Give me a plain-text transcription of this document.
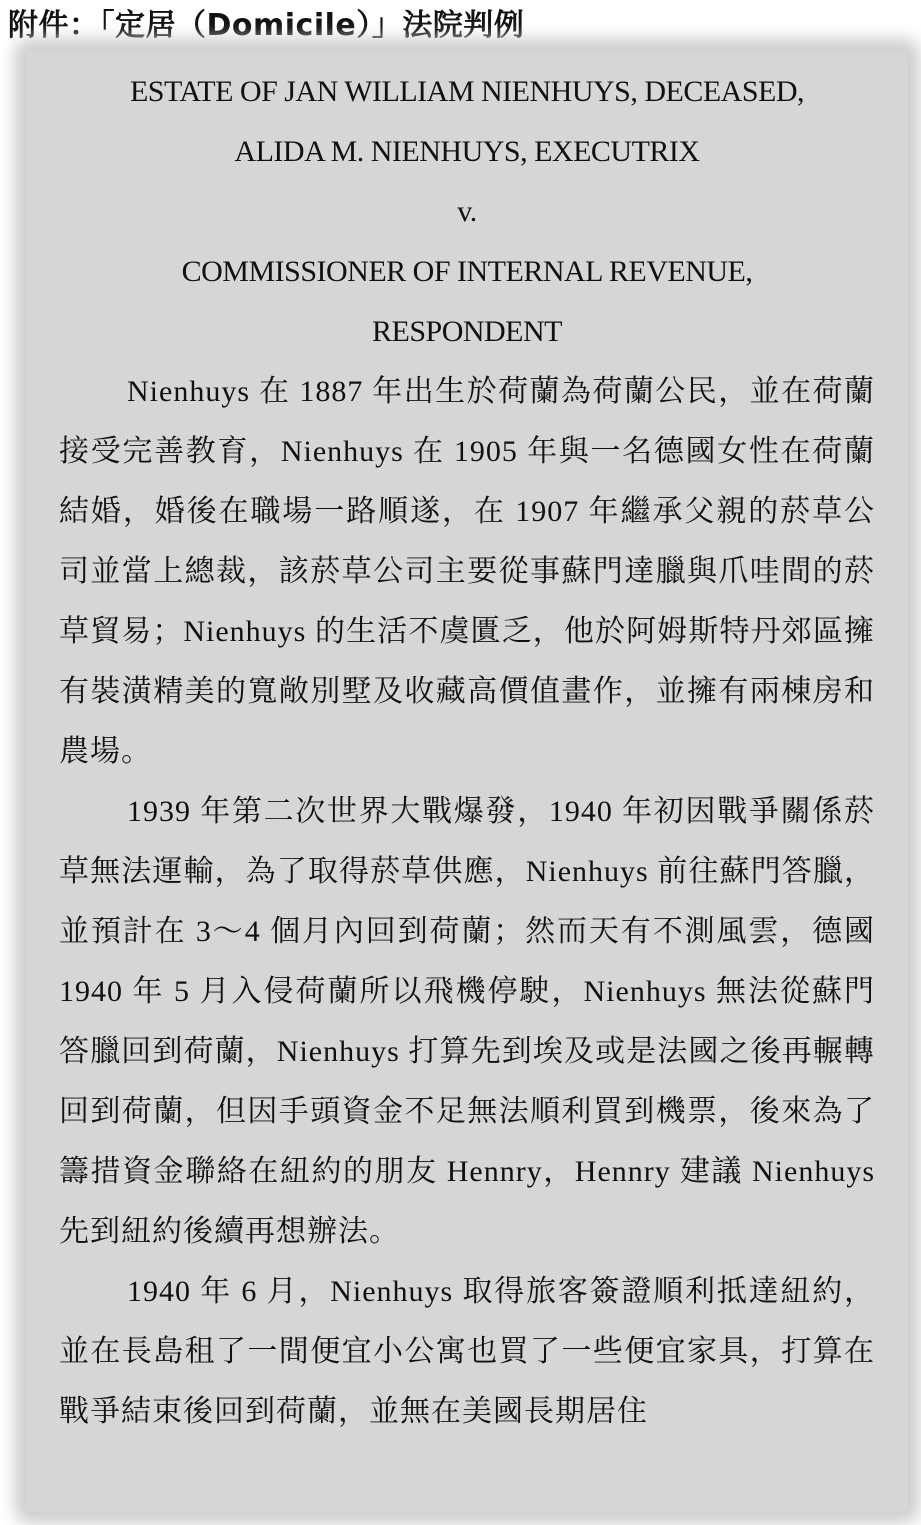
附件：「定居（Domicile）」法院判例
ESTATE OF JAN WILLIAM NIENHUYS, DECEASED,
ALIDA M. NIENHUYS, EXECUTRIX
v.
COMMISSIONER OF INTERNAL REVENUE,
RESPONDENT

Nienhuys 在 1887 年出生於荷蘭為荷蘭公民，並在荷蘭接受完善教育，Nienhuys 在 1905 年與一名德國女性在荷蘭結婚，婚後在職場一路順遂，在 1907 年繼承父親的菸草公司並當上總裁，該菸草公司主要從事蘇門達臘與爪哇間的菸草貿易；Nienhuys 的生活不虞匱乏，他於阿姆斯特丹郊區擁有裝潢精美的寬敞別墅及收藏高價值畫作，並擁有兩棟房和農場。

1939 年第二次世界大戰爆發，1940 年初因戰爭關係菸草無法運輸，為了取得菸草供應，Nienhuys 前往蘇門答臘，並預計在 3～4 個月內回到荷蘭；然而天有不測風雲，德國 1940 年 5 月入侵荷蘭所以飛機停駛，Nienhuys 無法從蘇門答臘回到荷蘭，Nienhuys 打算先到埃及或是法國之後再輾轉回到荷蘭，但因手頭資金不足無法順利買到機票，後來為了籌措資金聯絡在紐約的朋友 Hennry，Hennry 建議 Nienhuys 先到紐約後續再想辦法。

1940 年 6 月，Nienhuys 取得旅客簽證順利抵達紐約，並在長島租了一間便宜小公寓也買了一些便宜家具，打算在戰爭結束後回到荷蘭，並無在美國長期居住
